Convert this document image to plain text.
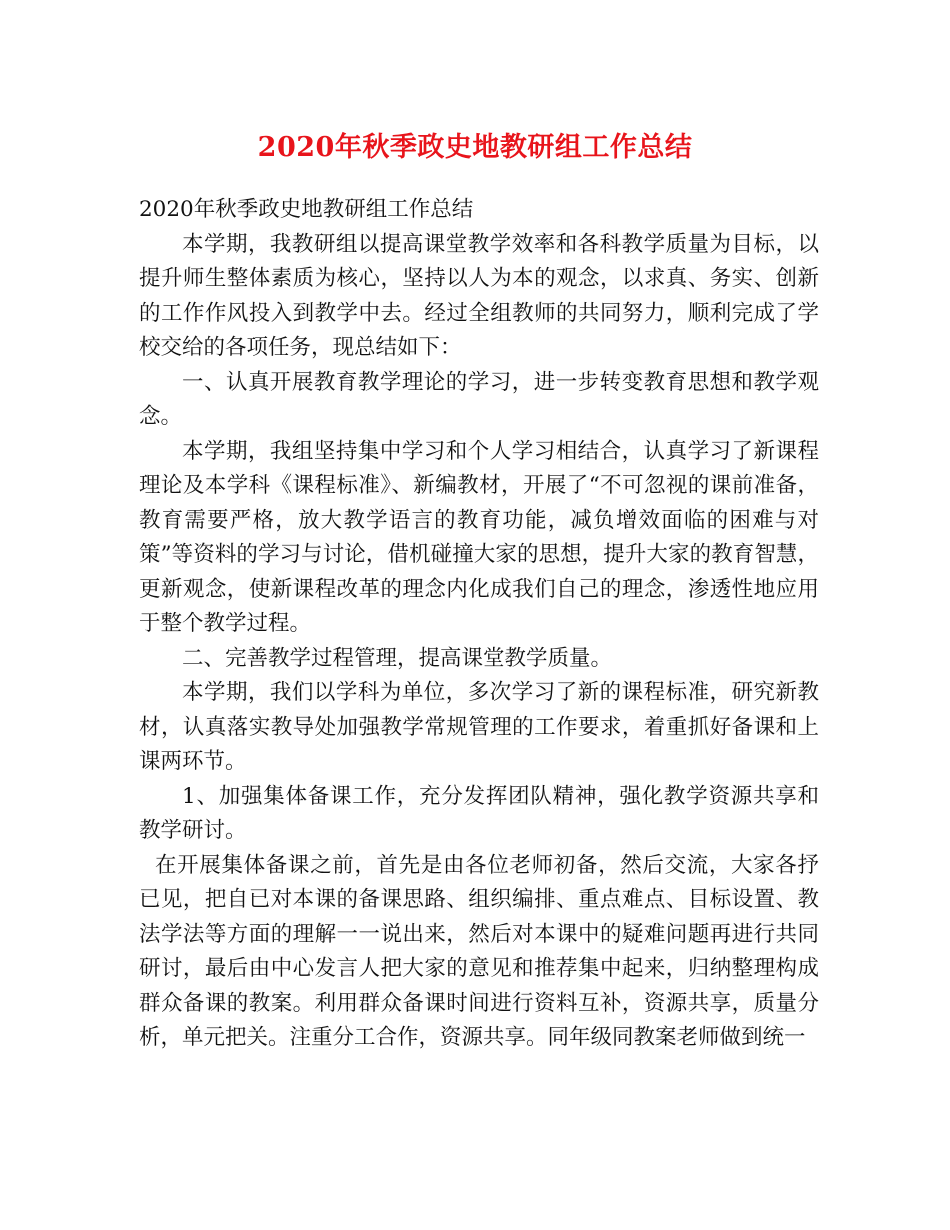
2020年秋季政史地教研组工作总结

2020年秋季政史地教研组工作总结

本学期，我教研组以提高课堂教学效率和各科教学质量为目标，以提升师生整体素质为核心，坚持以人为本的观念，以求真、务实、创新的工作作风投入到教学中去。经过全组教师的共同努力，顺利完成了学校交给的各项任务，现总结如下：

一、认真开展教育教学理论的学习，进一步转变教育思想和教学观念。

本学期，我组坚持集中学习和个人学习相结合，认真学习了新课程理论及本学科《课程标准》、新编教材，开展了“不可忽视的课前准备，教育需要严格，放大教学语言的教育功能，减负增效面临的困难与对策”等资料的学习与讨论，借机碰撞大家的思想，提升大家的教育智慧，更新观念，使新课程改革的理念内化成我们自己的理念，渗透性地应用于整个教学过程。

二、完善教学过程管理，提高课堂教学质量。

本学期，我们以学科为单位，多次学习了新的课程标准，研究新教材，认真落实教导处加强教学常规管理的工作要求，着重抓好备课和上课两环节。

1、加强集体备课工作，充分发挥团队精神，强化教学资源共享和教学研讨。

在开展集体备课之前，首先是由各位老师初备，然后交流，大家各抒已见，把自已对本课的备课思路、组织编排、重点难点、目标设置、教法学法等方面的理解一一说出来，然后对本课中的疑难问题再进行共同研讨，最后由中心发言人把大家的意见和推荐集中起来，归纳整理构成群众备课的教案。利用群众备课时间进行资料互补，资源共享，质量分析，单元把关。注重分工合作，资源共享。同年级同教案老师做到统一
